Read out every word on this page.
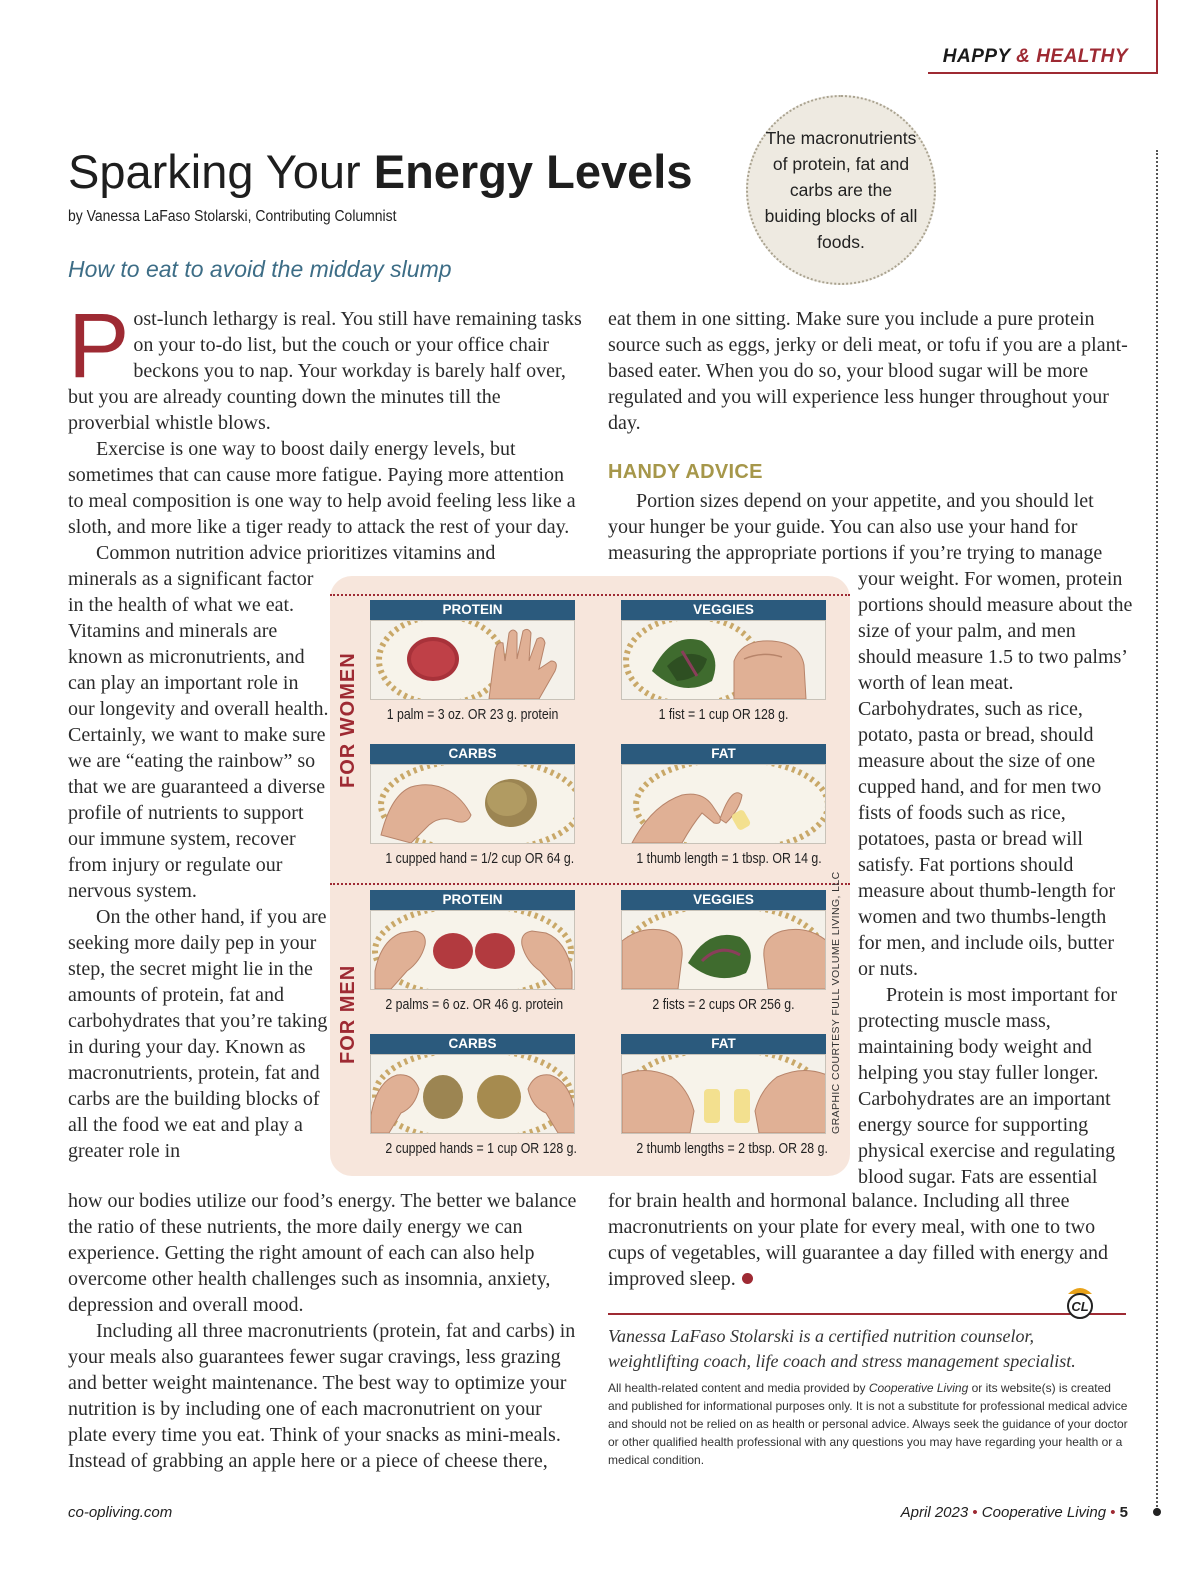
HAPPY & HEALTHY
Sparking Your Energy Levels
by Vanessa LaFaso Stolarski, Contributing Columnist
How to eat to avoid the midday slump
The macronutrients of protein, fat and carbs are the buiding blocks of all foods.

Post-lunch lethargy is real. You still have remaining tasks on your to-do list, but the couch or your office chair beckons you to nap. Your workday is barely half over, but you are already counting down the minutes till the proverbial whistle blows.

Exercise is one way to boost daily energy levels, but sometimes that can cause more fatigue. Paying more attention to meal composition is one way to help avoid feeling less like a sloth, and more like a tiger ready to attack the rest of your day.

Common nutrition advice prioritizes vitamins and

minerals as a significant factor in the health of what we eat. Vitamins and minerals are known as micronutrients, and can play an important role in our longevity and overall health. Certainly, we want to make sure we are “eating the rainbow” so that we are guaranteed a diverse profile of nutrients to support our immune system, recover from injury or regulate our nervous system.

On the other hand, if you are seeking more daily pep in your step, the secret might lie in the amounts of protein, fat and carbohydrates that you’re taking in during your day. Known as macronutrients, protein, fat and carbs are the building blocks of all the food we eat and play a greater role in

how our bodies utilize our food’s energy. The better we balance the ratio of these nutrients, the more daily energy we can experience. Getting the right amount of each can also help overcome other health challenges such as insomnia, anxiety, depression and overall mood.

Including all three macronutrients (protein, fat and carbs) in your meals also guarantees fewer sugar cravings, less grazing and better weight maintenance. The best way to optimize your nutrition is by including one of each macronutrient on your plate every time you eat. Think of your snacks as mini-meals. Instead of grabbing an apple here or a piece of cheese there,

eat them in one sitting. Make sure you include a pure protein source such as eggs, jerky or deli meat, or tofu if you are a plant-based eater. When you do so, your blood sugar will be more regulated and you will experience less hunger throughout your day.

HANDY ADVICE

Portion sizes depend on your appetite, and you should let your hunger be your guide. You can also use your hand for measuring the appropriate portions if you’re trying to manage

your weight. For women, protein portions should measure about the size of your palm, and men should measure 1.5 to two palms’ worth of lean meat. Carbohydrates, such as rice, potato, pasta or bread, should measure about the size of one cupped hand, and for men two fists of foods such as rice, potatoes, pasta or bread will satisfy. Fat portions should measure about thumb-length for women and two thumbs-length for men, and include oils, butter or nuts.

Protein is most important for protecting muscle mass, maintaining body weight and helping you stay fuller longer. Carbohydrates are an important energy source for supporting physical exercise and regulating blood sugar. Fats are essential

for brain health and hormonal balance. Including all three macronutrients on your plate for every meal, with one to two cups of vegetables, will guarantee a day filled with energy and improved sleep.

CL
Vanessa LaFaso Stolarski is a certified nutrition counselor, weightlifting coach, life coach and stress management specialist.
All health-related content and media provided by Cooperative Living or its website(s) is created and published for informational purposes only. It is not a substitute for professional medical advice and should not be relied on as health or personal advice. Always seek the guidance of your doctor or other qualified health professional with any questions you may have regarding your health or a medical condition.
co-opliving.com	April 2023 • Cooperative Living • 5
FOR WOMEN
FOR MEN	GRAPHIC COURTESY FULL VOLUME LIVING, LLC
PROTEIN
1 palm = 3 oz. OR 23 g. protein
VEGGIES
1 fist = 1 cup OR 128 g.
CARBS
1 cupped hand = 1/2 cup OR 64 g.
FAT
1 thumb length = 1 tbsp. OR 14 g.
PROTEIN
2 palms = 6 oz. OR 46 g. protein
VEGGIES
2 fists = 2 cups OR 256 g.
CARBS
2 cupped hands = 1 cup OR 128 g.
FAT
2 thumb lengths = 2 tbsp. OR 28 g.
